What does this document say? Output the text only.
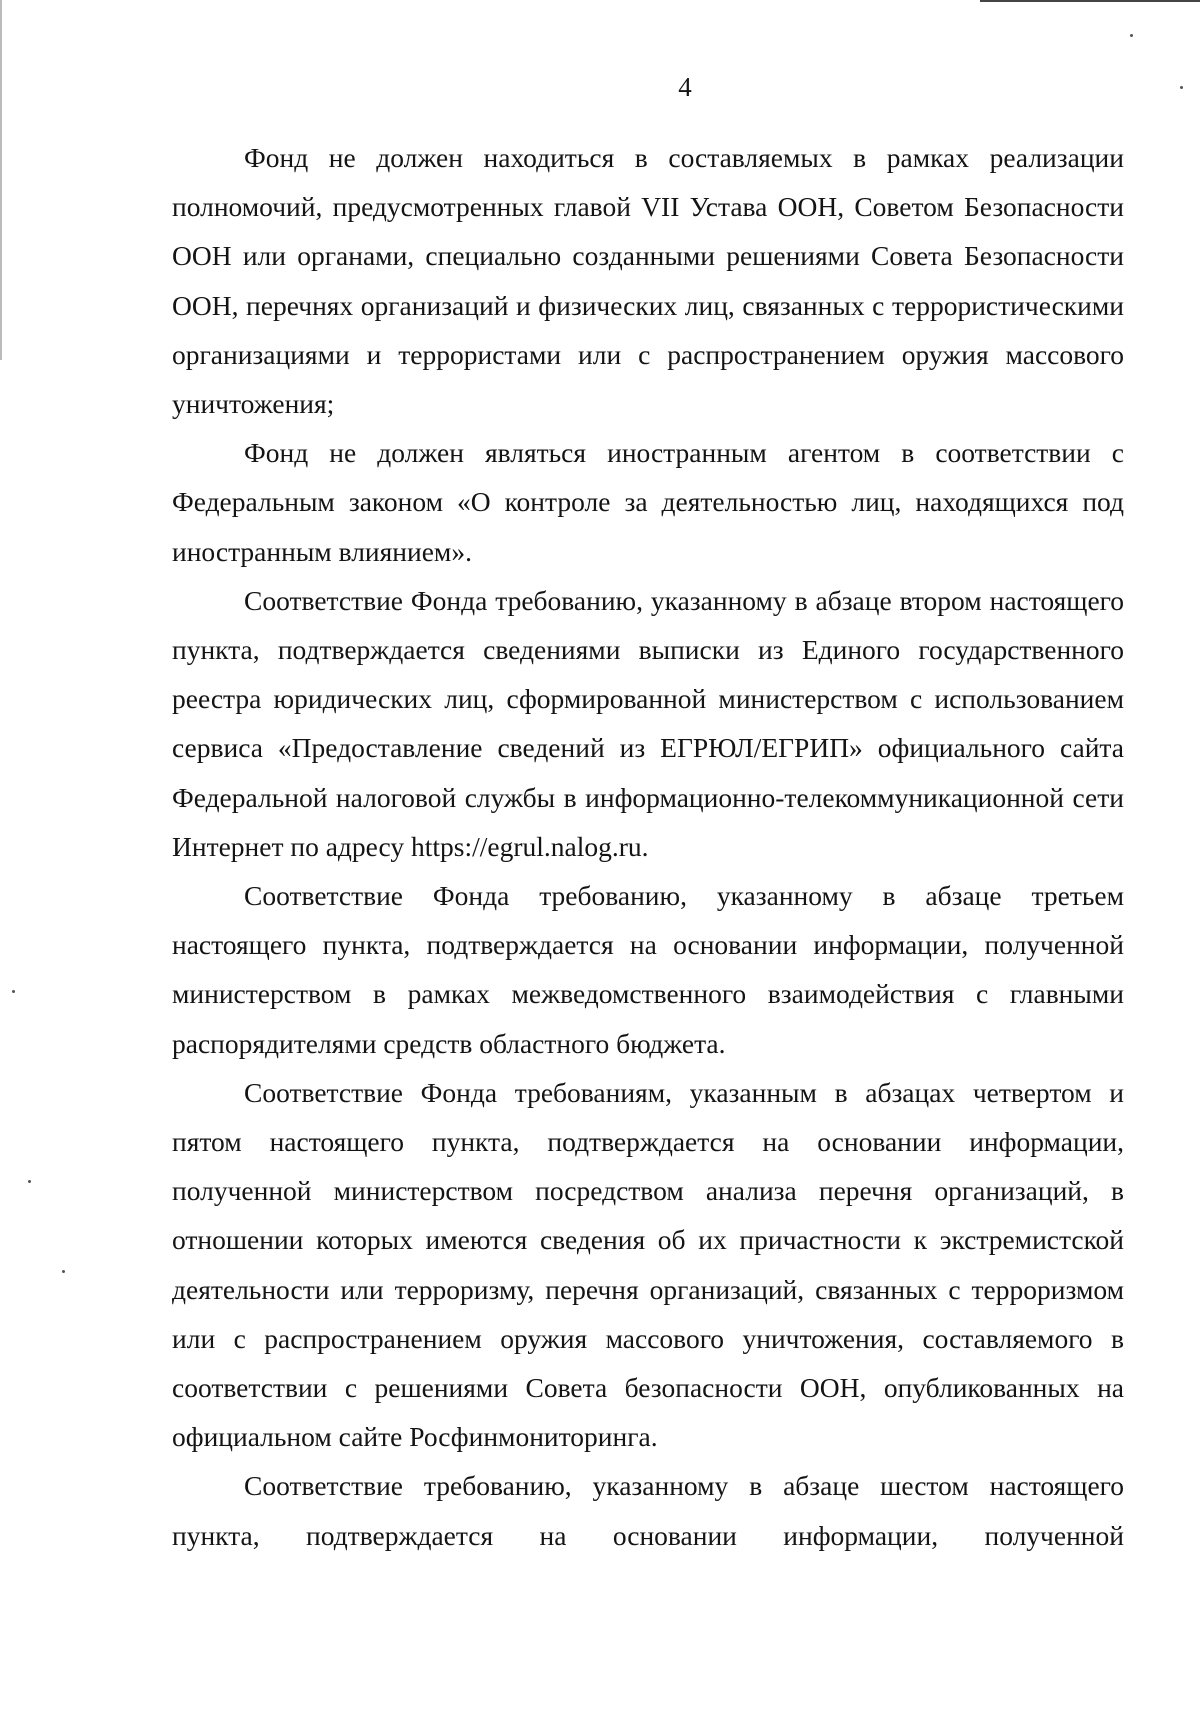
4

Фонд не должен находиться в составляемых в рамках реализации полномочий, предусмотренных главой VII Устава ООН, Советом Безопасности ООН или органами, специально созданными решениями Совета Безопасности ООН, перечнях организаций и физических лиц, связанных с террористическими организациями и террористами или с распространением оружия массового уничтожения;

Фонд не должен являться иностранным агентом в соответствии с Федеральным законом «О контроле за деятельностью лиц, находящихся под иностранным влиянием».

Соответствие Фонда требованию, указанному в абзаце втором настоящего пункта, подтверждается сведениями выписки из Единого государственного реестра юридических лиц, сформированной министерством с использованием сервиса «Предоставление сведений из ЕГРЮЛ/ЕГРИП» официального сайта Федеральной налоговой службы в информационно-телекоммуникационной сети Интернет по адресу https://egrul.nalog.ru.

Соответствие Фонда требованию, указанному в абзаце третьем настоящего пункта, подтверждается на основании информации, полученной министерством в рамках межведомственного взаимодействия с главными распорядителями средств областного бюджета.

Соответствие Фонда требованиям, указанным в абзацах четвертом и пятом настоящего пункта, подтверждается на основании информации, полученной министерством посредством анализа перечня организаций, в отношении которых имеются сведения об их причастности к экстремистской деятельности или терроризму, перечня организаций, связанных с терроризмом или с распространением оружия массового уничтожения, составляемого в соответствии с решениями Совета безопасности ООН, опубликованных на официальном сайте Росфинмониторинга.

Соответствие требованию, указанному в абзаце шестом настоящего пункта, подтверждается на основании информации, полученной
